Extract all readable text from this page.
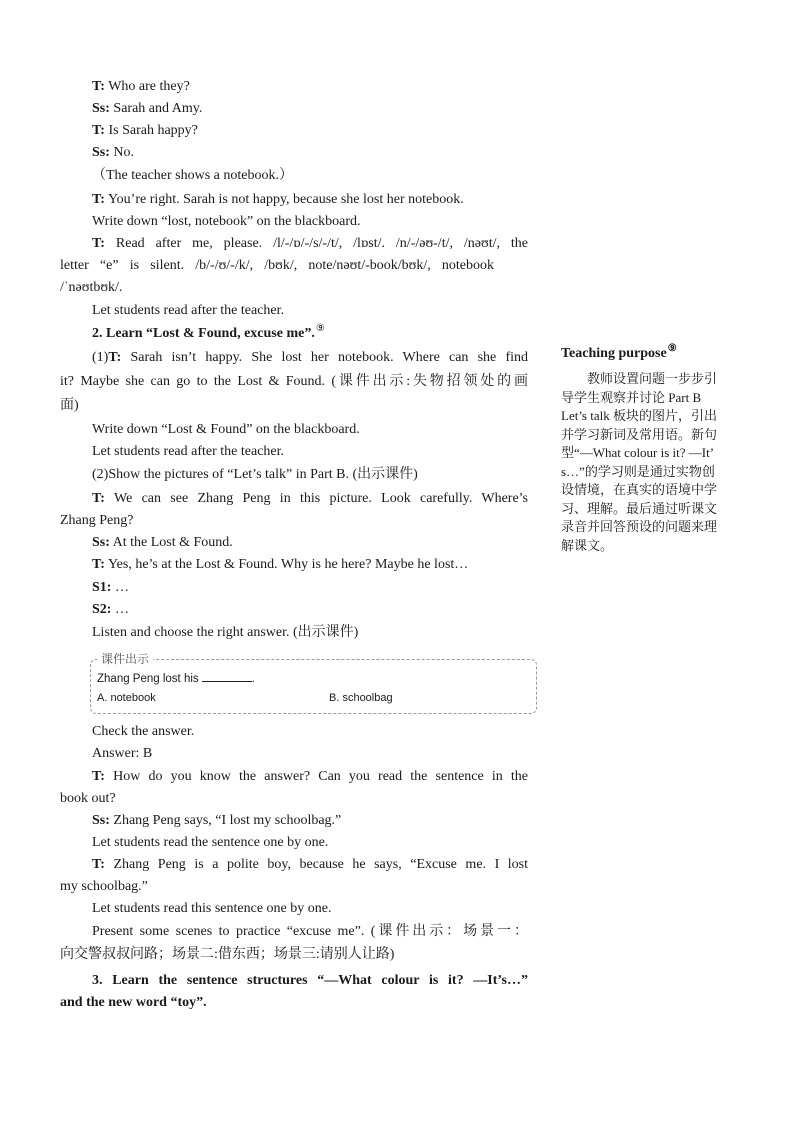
T: Who are they?
Ss: Sarah and Amy.
T: Is Sarah happy?
Ss: No.
（The teacher shows a notebook.）
T: You’re right. Sarah is not happy, because she lost her notebook.
Write down “lost, notebook” on the blackboard.
T: Read after me, please. /l/-/ɒ/-/s/-/t/, /lɒst/. /n/-/əʊ-/t/, /nəʊt/, the
letter “e” is silent. /b/-/ʊ/-/k/, /bʊk/, note/nəʊt/-book/bʊk/, notebook
/ˈnəʊtbʊk/.
Let students read after the teacher.
2. Learn “Lost & Found, excuse me”.⑨
(1)T: Sarah isn’t happy. She lost her notebook. Where can she find
it? Maybe she can go to the Lost & Found. (课件出示:失物招领处的画
面)
Write down “Lost & Found” on the blackboard.
Let students read after the teacher.
(2)Show the pictures of “Let’s talk” in Part B. (出示课件)
T: We can see Zhang Peng in this picture. Look carefully. Where’s
Zhang Peng?
Ss: At the Lost & Found.
T: Yes, he’s at the Lost & Found. Why is he here? Maybe he lost…
S1: …
S2: …
Listen and choose the right answer. (出示课件)
课件出示
Zhang Peng lost his	.
A. notebook	B. schoolbag
Check the answer.
Answer: B
T: How do you know the answer? Can you read the sentence in the
book out?
Ss: Zhang Peng says, “I lost my schoolbag.”
Let students read the sentence one by one.
T: Zhang Peng is a polite boy, because he says, “Excuse me. I lost
my schoolbag.”
Let students read this sentence one by one.
Present some scenes to practice “excuse me”. (课件出示：场景一：
向交警叔叔问路；场景二:借东西；场景三:请别人让路)
3. Learn the sentence structures “—What colour is it? —It’s…”
and the new word “toy”.
Teaching purpose⑨
　　教师设置问题一步步引
导学生观察并讨论 Part B
Let’s talk 板块的图片，引出
并学习新词及常用语。新句
型“—What colour is it? —It’
s…”的学习则是通过实物创
设情境，在真实的语境中学
习、理解。最后通过听课文
录音并回答预设的问题来理
解课文。
